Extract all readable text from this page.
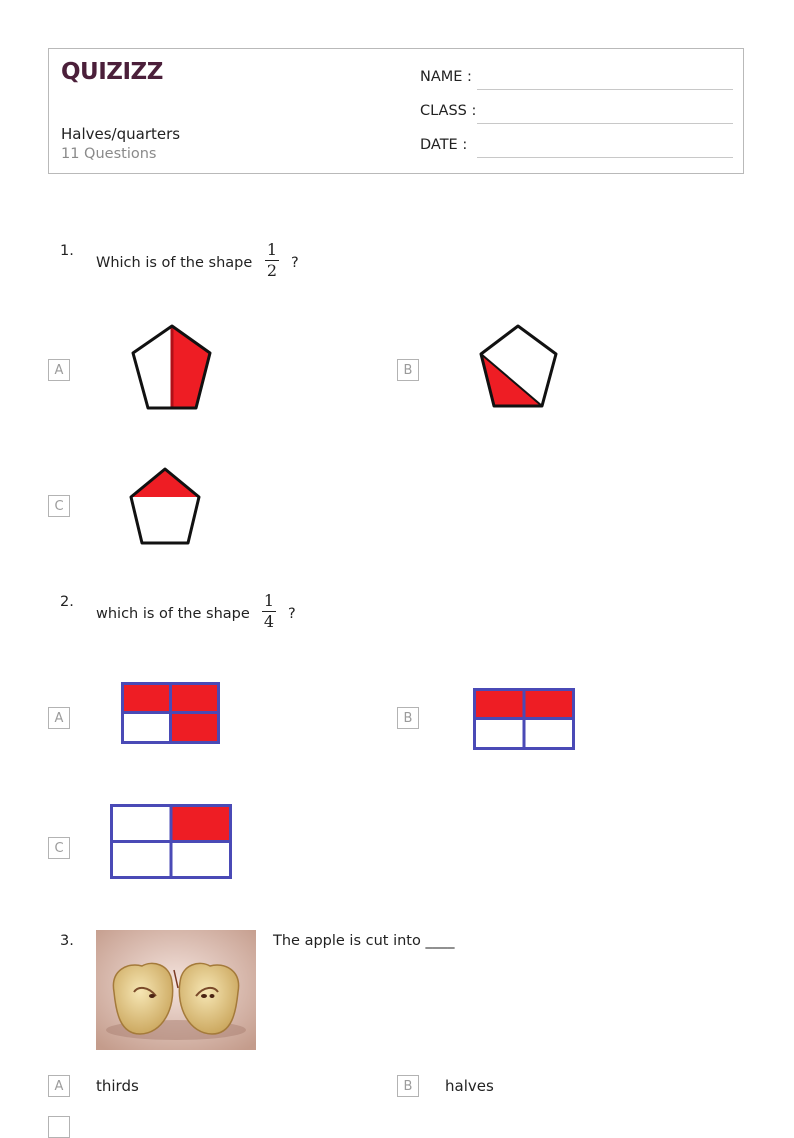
QUIZIZZ
Halves/quarters
11 Questions
NAME :
CLASS :
DATE :
1.
Which is of the shape
1
2 ?
A	B
C
2.
which is of the shape
1
4 ?
A	B
C
3.	The apple is cut into ____
A	thirds	B	halves
